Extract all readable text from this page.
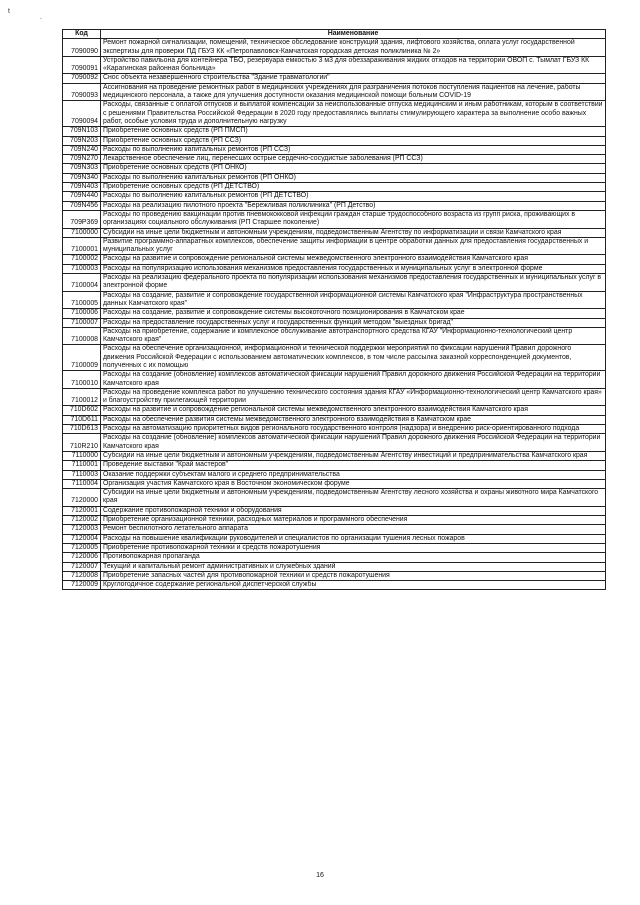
t
.
Код	Наименование
7090090	Ремонт пожарной сигнализации, помещений, техническое обследование конструкций здания, лифтового хозяйства, оплата услуг государственной экспертизы для проверки ПД ГБУЗ КК «Петропавловск-Камчатская городская детская поликлиника № 2»
7090091	Устройство павильона для контейнера ТБО, резервуара емкостью 3 м3 для обеззараживания жидких отходов на территории ОВОП с. Тымлат ГБУЗ КК «Карагинская районная больница»
7090092	Снос объекта незавершенного строительства "Здание травматологии"
7090093	Ассигнования на проведение ремонтных работ в медицинских учреждениях для разграничения потоков поступления пациентов на лечение, работы медицинского персонала, а также для улучшения доступности оказания медицинской помощи больным COVID-19
7090094	Расходы, связанные с оплатой отпусков и выплатой компенсации за неиспользованные отпуска медицинским и иным работникам, которым в соответствии с решениями Правительства Российской Федерации в 2020 году предоставлялись выплаты стимулирующего характера за выполнение особо важных работ, особые условия труда и дополнительную нагрузку
709N103	Приобретение основных средств (РП ПМСП)
709N203	Приобретение основных средств (РП ССЗ)
709N240	Расходы по выполнению капитальных ремонтов (РП ССЗ)
709N270	Лекарственное обеспечение лиц, перенесших острые сердечно-сосудистые заболевания (РП ССЗ)
709N303	Приобретение основных средств (РП ОНКО)
709N340	Расходы по выполнению капитальных ремонтов (РП ОНКО)
709N403	Приобретение основных средств (РП ДЕТСТВО)
709N440	Расходы по выполнению капитальных ремонтов (РП ДЕТСТВО)
709N456	Расходы на реализацию пилотного проекта "Бережливая поликлиника" (РП Детство)
709P369	Расходы по проведению вакцинации против пневмококковой инфекции граждан старше трудоспособного возраста из групп риска, проживающих в организациях социального обслуживания (РП Старшее поколение)
7100000	Субсидии на иные цели бюджетным и автономным учреждениям, подведомственным Агентству по информатизации и связи Камчатского края
7100001	Развитие программно-аппаратных комплексов, обеспечение защиты информации в центре обработки данных для предоставления государственных и муниципальных услуг
7100002	Расходы на развитие и сопровождение региональной системы межведомственного электронного взаимодействия Камчатского края
7100003	Расходы на популяризацию использования механизмов предоставления государственных и муниципальных услуг в электронной форме
7100004	Расходы на реализацию федерального проекта по популяризации использования механизмов предоставления государственных и муниципальных услуг в электронной форме
7100005	Расходы на создание, развитие и сопровождение государственной информационной системы Камчатского края "Инфраструктура пространственных данных Камчатского края"
7100006	Расходы на создание, развитие и сопровождение системы высокоточного позиционирования в Камчатском крае
7100007	Расходы на предоставление государственных услуг и государственных функций методом "выездных бригад"
7100008	Расходы на приобретение, содержание и комплексное обслуживание автотранспортного средства КГАУ "Информационно-технологический центр Камчатского края"
7100009	Расходы на обеспечение организационной, информационной и технической поддержки мероприятий по фиксации нарушений Правил дорожного движения Российской Федерации с использованием автоматических комплексов, в том числе рассылка заказной корреспонденцией документов, полученных с их помощью
7100010	Расходы на создание (обновление) комплексов автоматической фиксации нарушений Правил дорожного движения Российской Федерации на территории Камчатского края
7100012	Расходы на проведение комплекса работ по улучшению технического состояния здания КГАУ «Информационно-технологический центр Камчатского края» и благоустройству прилегающей территории
710D602	Расходы на развитие и сопровождение региональной системы межведомственного электронного взаимодействия Камчатского края
710D611	Расходы на обеспечение развития системы межведомственного электронного взаимодействия в Камчатском крае
710D613	Расходы на автоматизацию приоритетных видов регионального государственного контроля (надзора) и внедрению риск-ориентированного подхода
710R210	Расходы на создание (обновление) комплексов автоматической фиксации нарушений Правил дорожного движения Российской Федерации на территории Камчатского края
7110000	Субсидии на иные цели бюджетным и автономным учреждениям, подведомственным Агентству инвестиций и предпринимательства Камчатского края
7110001	Проведение выставки "Край мастеров"
7110003	Оказание поддержки субъектам малого и среднего предпринимательства
7110004	Организация участия Камчатского края в Восточном экономическом форуме
7120000	Субсидии на иные цели бюджетным и автономным учреждениям, подведомственным Агентству лесного хозяйства и охраны животного мира Камчатского края
7120001	Содержание противопожарной техники и оборудования
7120002	Приобретение организационной техники, расходных материалов и программного обеспечения
7120003	Ремонт беспилотного летательного аппарата
7120004	Расходы на повышение квалификации руководителей и специалистов по организации тушения лесных пожаров
7120005	Приобретение противопожарной техники и средств пожаротушения
7120006	Противопожарная пропаганда
7120007	Текущий и капитальный ремонт административных и служебных зданий
7120008	Приобретение запасных частей для противопожарной техники и средств пожаротушения
7120009	Круглогодичное содержание региональной диспетчерской службы
16
